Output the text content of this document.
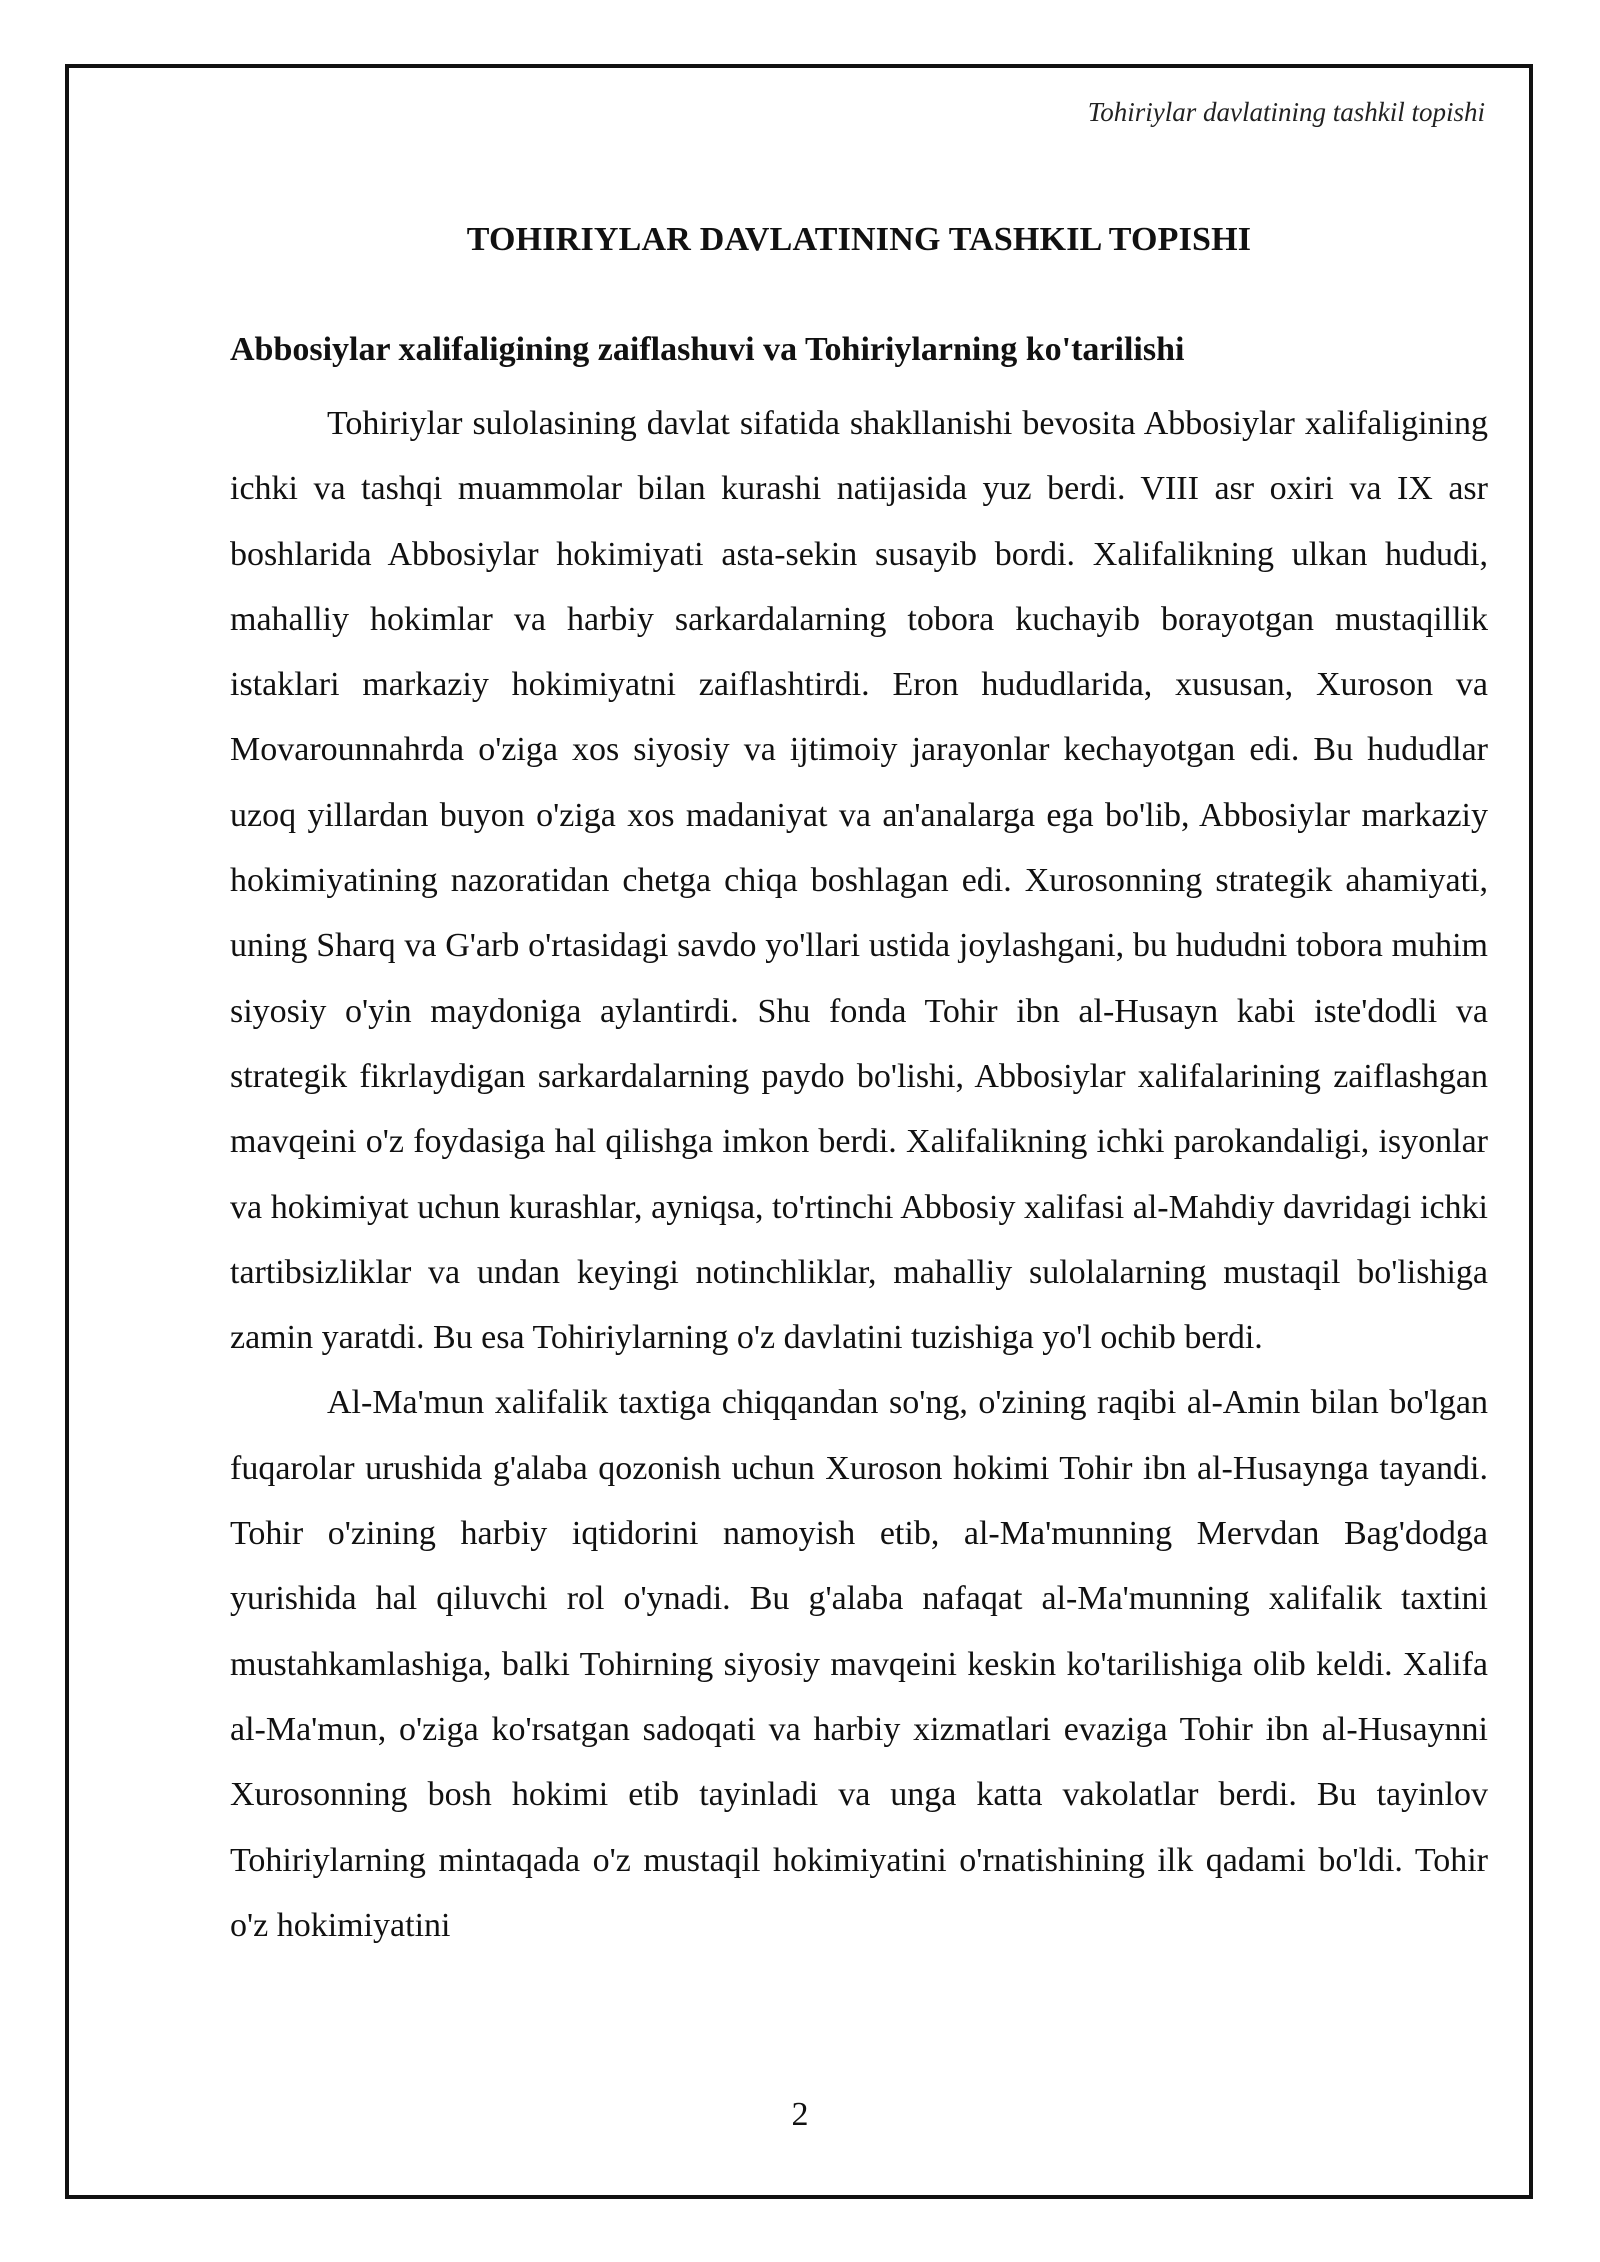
Tohiriylar davlatining tashkil topishi
TOHIRIYLAR DAVLATINING TASHKIL TOPISHI
Abbosiylar xalifaligining zaiflashuvi va Tohiriylarning ko'tarilishi

Tohiriylar sulolasining davlat sifatida shakllanishi bevosita Abbosiylar xalifaligining ichki va tashqi muammolar bilan kurashi natijasida yuz berdi. VIII asr oxiri va IX asr boshlarida Abbosiylar hokimiyati asta-sekin susayib bordi. Xalifalikning ulkan hududi, mahalliy hokimlar va harbiy sarkardalarning tobora kuchayib borayotgan mustaqillik istaklari markaziy hokimiyatni zaiflashtirdi. Eron hududlarida, xususan, Xuroson va Movarounnahrda o'ziga xos siyosiy va ijtimoiy jarayonlar kechayotgan edi. Bu hududlar uzoq yillardan buyon o'ziga xos madaniyat va an'analarga ega bo'lib, Abbosiylar markaziy hokimiyatining nazoratidan chetga chiqa boshlagan edi. Xurosonning strategik ahamiyati, uning Sharq va G'arb o'rtasidagi savdo yo'llari ustida joylashgani, bu hududni tobora muhim siyosiy o'yin maydoniga aylantirdi. Shu fonda Tohir ibn al-Husayn kabi iste'dodli va strategik fikrlaydigan sarkardalarning paydo bo'lishi, Abbosiylar xalifalarining zaiflashgan mavqeini o'z foydasiga hal qilishga imkon berdi. Xalifalikning ichki parokandaligi, isyonlar va hokimiyat uchun kurashlar, ayniqsa, to'rtinchi Abbosiy xalifasi al-Mahdiy davridagi ichki tartibsizliklar va undan keyingi notinchliklar, mahalliy sulolalarning mustaqil bo'lishiga zamin yaratdi. Bu esa Tohiriylarning o'z davlatini tuzishiga yo'l ochib berdi.

Al-Ma'mun xalifalik taxtiga chiqqandan so'ng, o'zining raqibi al-Amin bilan bo'lgan fuqarolar urushida g'alaba qozonish uchun Xuroson hokimi Tohir ibn al-Husaynga tayandi. Tohir o'zining harbiy iqtidorini namoyish etib, al-Ma'munning Mervdan Bag'dodga yurishida hal qiluvchi rol o'ynadi. Bu g'alaba nafaqat al-Ma'munning xalifalik taxtini mustahkamlashiga, balki Tohirning siyosiy mavqeini keskin ko'tarilishiga olib keldi. Xalifa al-Ma'mun, o'ziga ko'rsatgan sadoqati va harbiy xizmatlari evaziga Tohir ibn al-Husaynni Xurosonning bosh hokimi etib tayinladi va unga katta vakolatlar berdi. Bu tayinlov Tohiriylarning mintaqada o'z mustaqil hokimiyatini o'rnatishining ilk qadami bo'ldi. Tohir o'z hokimiyatini

2
